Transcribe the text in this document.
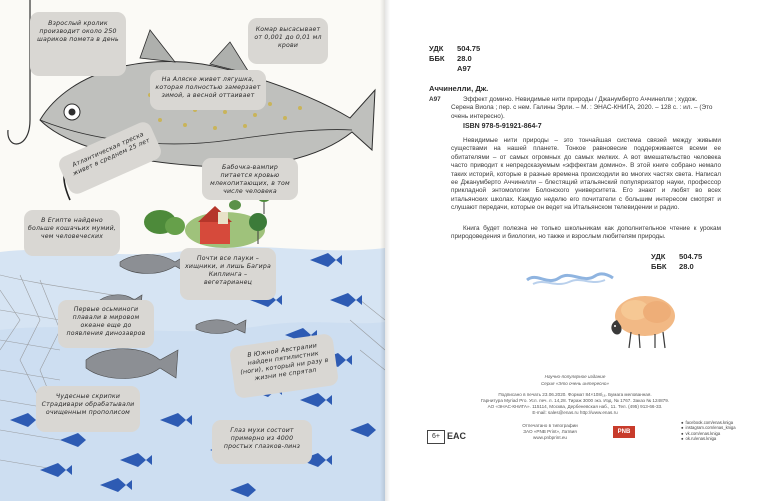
Взрослый кролик производит около 250 шариков помета в день
Комар высасывает от 0,001 до 0,01 мл крови
На Аляске живет лягушка, которая полностью замерзает зимой, а весной оттаивает
Атлантическая треска живет в среднем 25 лет	Бабочка-вампир питается кровью млекопитающих, в том числе человека
В Египте найдено больше кошачьих мумий, чем человеческих
Почти все пауки – хищники, и лишь Багира Киплинга – вегетарианец
Первые осьминоги плавали в мировом океане еще до появления динозавров
В Южной Австралии найден пятилистник (ноги), который ни разу в жизни не спрятал
Чудесные скрипки Страдивари обрабатывали очищенным прополисом
Глаз мухи состоит примерно из 4000 простых глазков-линз
УДК 504.75
ББК 28.0
А97
Аччинелли, Дж.
А97	Эффект домино. Невидимые нити природы / Джанумберто Аччинелли ; худож. Серена Виола ; пер. с нем. Галины Эрли. – М. : ЭНАС-КНИГА, 2020. – 128 с. : ил. – (Это очень интересно).
ISBN 978-5-91921-864-7
Невидимые нити природы – это тончайшая система связей между живыми существами на нашей планете. Тонкое равновесие поддерживается всеми ее обитателями – от самых огромных до самых мелких. А вот вмешательство человека часто приводит к непредсказуемым «эффектам домино». В этой книге собрано немало таких историй, которые в разные времена происходили во многих частях света. Написал ее Джанумберто Аччинелли – блестящий итальянский популяризатор науки, профессор прикладной энтомологии Болонского университета. Его знают и любят во всех итальянских школах. Каждую неделю его почитатели с большим интересом смотрят и слушают передачи, которые он ведет на Итальянском телевидении и радио.
Книга будет полезна не только школьникам как дополнительное чтение к урокам природоведения и биологии, но также и взрослым любителям природы.
УДК 504.75
ББК 28.0
Научно-популярное издание
Серия «Это очень интересно»
Подписано в печать 23.06.2020. Формат 84×108/₁₆. Бумага мелованная.
Гарнитура Myriad Pro. Усл. печ. л. 14,28. Тираж 3000 экз. Изд. № 1767. Заказ № 124879.
АО «ЭНАС-КНИГА». 115114, Москва, Дербеневская наб., 11. Тел. (495) 913-66-33.
E-mail: sales@enas.ru http://www.enas.ru
Отпечатано в типографии
ЗАО «PNB Print», Латвия
www.pnbprint.eu
PNB
6+ EAC
● facebook.com/enas.kniga
● instagram.com/enas_kniga
● vk.com/enas.kniga
● ok.ru/enas.kniga
